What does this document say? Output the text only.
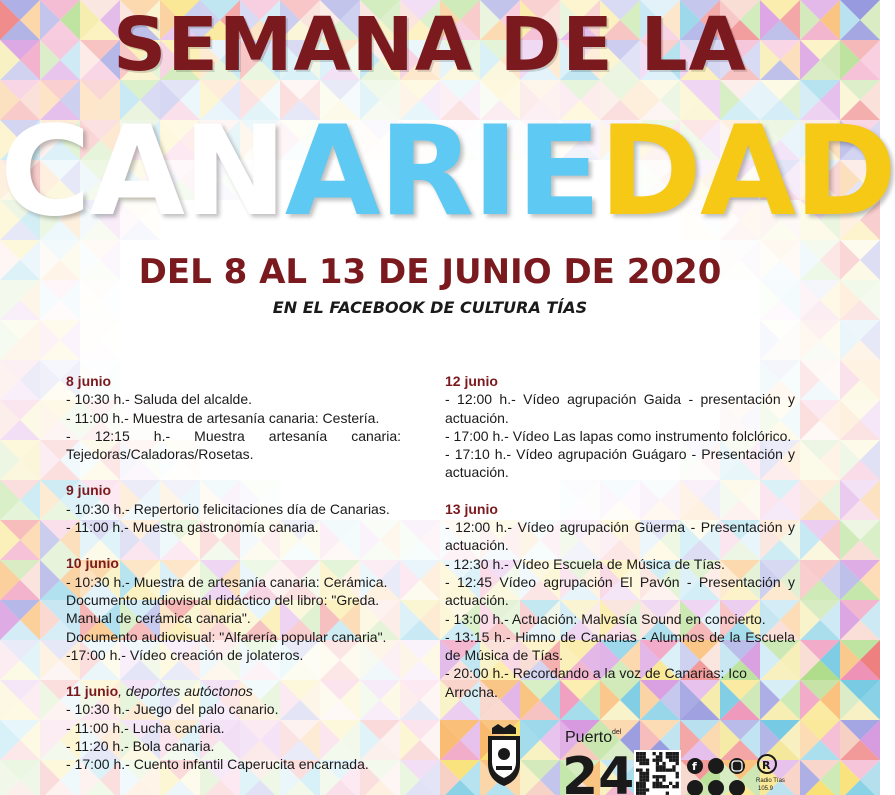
SEMANA DE LA
CANARIEDAD
DEL 8 AL 13 DE JUNIO DE 2020
EN EL FACEBOOK DE CULTURA TÍAS
8 junio

- 10:30 h.- Saluda del alcalde.

- 11:00 h.- Muestra de artesanía canaria: Cestería.

- 12:15 h.- Muestra artesanía canaria: Tejedoras/Caladoras/Rosetas.

9 junio

- 10:30 h.- Repertorio felicitaciones día de Canarias.

- 11:00 h.- Muestra gastronomía canaria.

10 junio

- 10:30 h.- Muestra de artesanía canaria: Cerámica.

Documento audiovisual didáctico del libro: "Greda. Manual de cerámica canaria".

Documento audiovisual: "Alfarería popular canaria".

-17:00 h.- Vídeo creación de jolateros.

11 junio, deportes autóctonos

- 10:30 h.- Juego del palo canario.

- 11:00 h.- Lucha canaria.

- 11:20 h.- Bola canaria.

- 17:00 h.- Cuento infantil Caperucita encarnada.

12 junio

- 12:00 h.- Vídeo agrupación Gaida - presentación y actuación.

- 17:00 h.- Vídeo Las lapas como instrumento folclórico.

- 17:10 h.- Vídeo agrupación Guágaro - Presentación y actuación.

13 junio

- 12:00 h.- Vídeo agrupación Güerma - Presentación y actuación.

- 12:30 h.- Vídeo Escuela de Música de Tías.

- 12:45 Vídeo agrupación El Pavón - Presentación y actuación.

- 13:00 h.- Actuación: Malvasía Sound en concierto.

- 13:15 h.- Himno de Canarias - Alumnos de la Escuela de Música de Tías.

- 20:00 h.- Recordando a la voz de Canarias: Ico Arrocha.

Puerto del
24	f	R
Radio Tías
105.9
